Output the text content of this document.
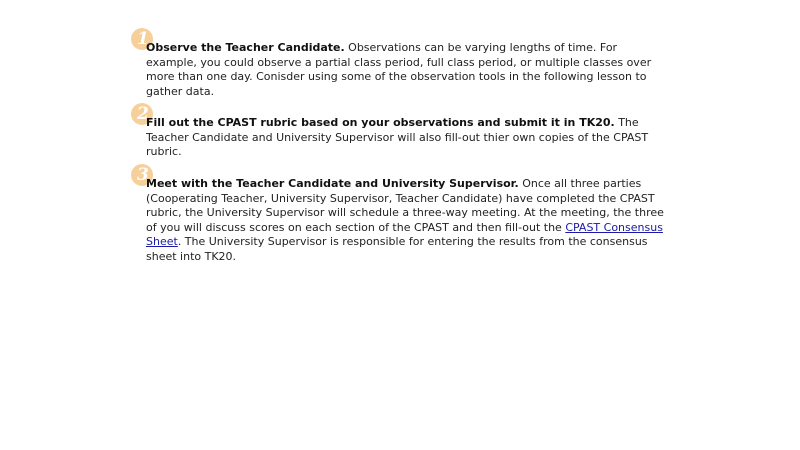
1
Observe the Teacher Candidate. Observations can be varying lengths of time. For example, you could observe a partial class period, full class period, or multiple classes over more than one day. Conisder using some of the observation tools in the following lesson to gather data.
2
Fill out the CPAST rubric based on your observations and submit it in TK20. The Teacher Candidate and University Supervisor will also fill-out thier own copies of the CPAST rubric.
3
Meet with the Teacher Candidate and University Supervisor. Once all three parties (Cooperating Teacher, University Supervisor, Teacher Candidate) have completed the CPAST rubric, the University Supervisor will schedule a three-way meeting. At the meeting, the three of you will discuss scores on each section of the CPAST and then fill-out the CPAST Consensus Sheet. The University Supervisor is responsible for entering the results from the consensus sheet into TK20.
